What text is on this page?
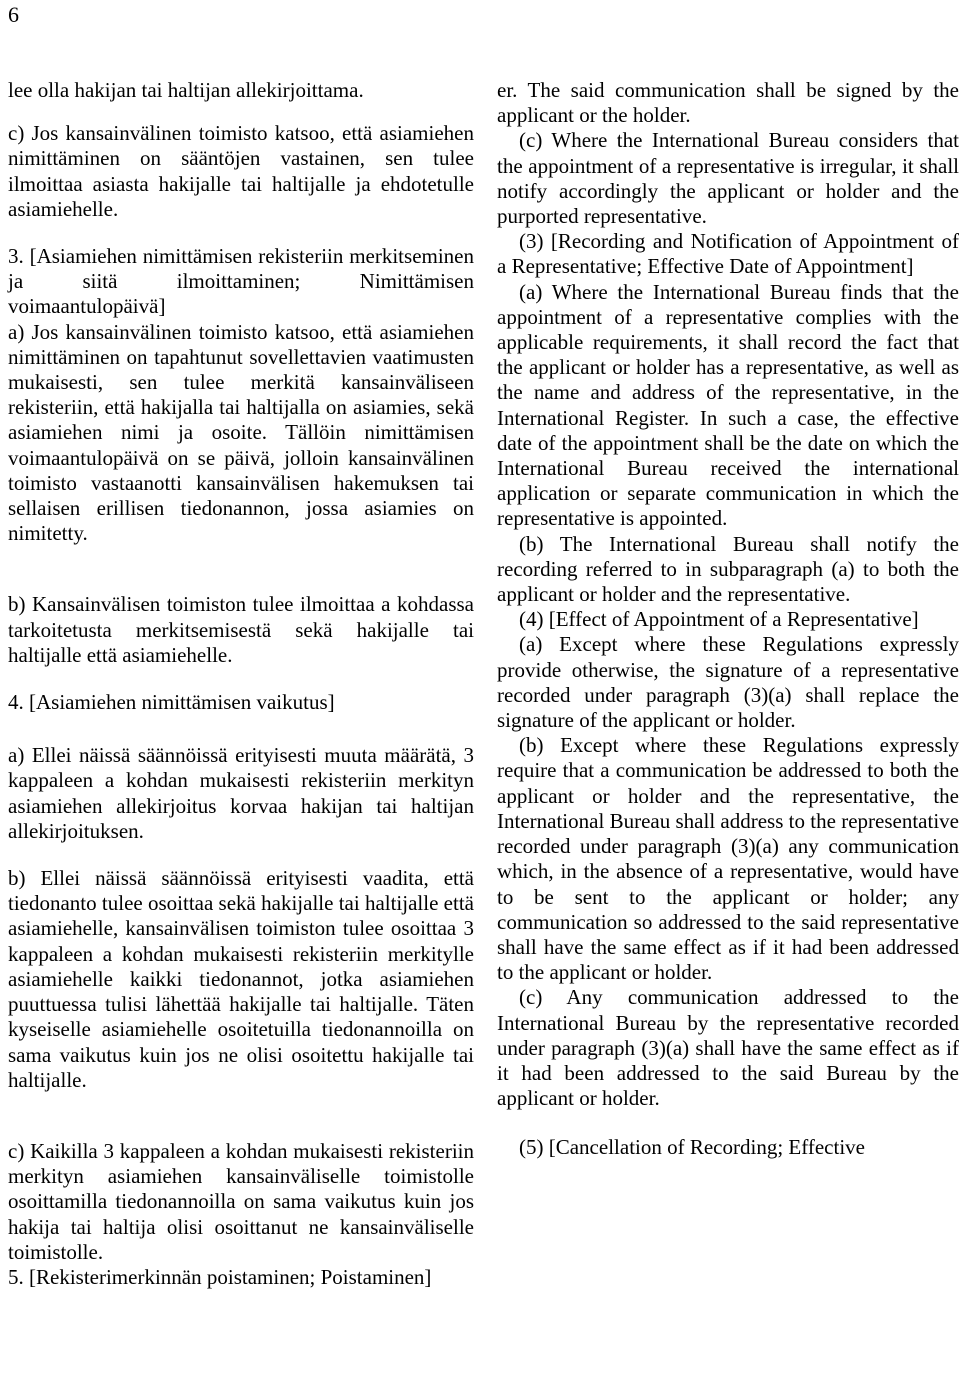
6

lee olla hakijan tai haltijan allekirjoittama.

c) Jos kansainvälinen toimisto katsoo, että asiamiehen nimittäminen on sääntöjen vastainen, sen tulee ilmoittaa asiasta hakijalle tai haltijalle ja ehdotetulle asiamiehelle.

3. [Asiamiehen nimittämisen rekisteriin merkitseminen ja siitä ilmoittaminen; Nimittämisen voimaantulopäivä]

a) Jos kansainvälinen toimisto katsoo, että asiamiehen nimittäminen on tapahtunut sovellettavien vaatimusten mukaisesti, sen tulee merkitä kansainväliseen rekisteriin, että hakijalla tai haltijalla on asiamies, sekä asiamiehen nimi ja osoite. Tällöin nimittämisen voimaantulopäivä on se päivä, jolloin kansainvälinen toimisto vastaanotti kansainvälisen hakemuksen tai sellaisen erillisen tiedonannon, jossa asiamies on nimitetty.

b) Kansainvälisen toimiston tulee ilmoittaa a kohdassa tarkoitetusta merkitsemisestä sekä hakijalle tai haltijalle että asiamiehelle.

4. [Asiamiehen nimittämisen vaikutus]

a) Ellei näissä säännöissä erityisesti muuta määrätä, 3 kappaleen a kohdan mukaisesti rekisteriin merkityn asiamiehen allekirjoitus korvaa hakijan tai haltijan allekirjoituksen.

b) Ellei näissä säännöissä erityisesti vaadita, että tiedonanto tulee osoittaa sekä hakijalle tai haltijalle että asiamiehelle, kansainvälisen toimiston tulee osoittaa 3 kappaleen a kohdan mukaisesti rekisteriin merkitylle asiamiehelle kaikki tiedonannot, jotka asiamiehen puuttuessa tulisi lähettää hakijalle tai haltijalle. Täten kyseiselle asiamiehelle osoitetuilla tiedonannoilla on sama vaikutus kuin jos ne olisi osoitettu hakijalle tai haltijalle.

c) Kaikilla 3 kappaleen a kohdan mukaisesti rekisteriin merkityn asiamiehen kansainväliselle toimistolle osoittamilla tiedonannoilla on sama vaikutus kuin jos hakija tai haltija olisi osoittanut ne kansainväliselle toimistolle.

5. [Rekisterimerkinnän poistaminen; Poistaminen]

er. The said communication shall be signed by the applicant or the holder.

(c) Where the International Bureau considers that the appointment of a representative is irregular, it shall notify accordingly the applicant or holder and the purported representative.

(3) [Recording and Notification of Appointment of a Representative; Effective Date of Appointment]

(a) Where the International Bureau finds that the appointment of a representative complies with the applicable requirements, it shall record the fact that the applicant or holder has a representative, as well as the name and address of the representative, in the International Register. In such a case, the effective date of the appointment shall be the date on which the International Bureau received the international application or separate communication in which the representative is appointed.

(b) The International Bureau shall notify the recording referred to in subparagraph (a) to both the applicant or holder and the representative.

(4) [Effect of Appointment of a Representative]

(a) Except where these Regulations expressly provide otherwise, the signature of a representative recorded under paragraph (3)(a) shall replace the signature of the applicant or holder.

(b) Except where these Regulations expressly require that a communication be addressed to both the applicant or holder and the representative, the International Bureau shall address to the representative recorded under paragraph (3)(a) any communication which, in the absence of a representative, would have to be sent to the applicant or holder; any communication so addressed to the said representative shall have the same effect as if it had been addressed to the applicant or holder.

(c) Any communication addressed to the International Bureau by the representative recorded under paragraph (3)(a) shall have the same effect as if it had been addressed to the said Bureau by the applicant or holder.

(5) [Cancellation of Recording; Effective
